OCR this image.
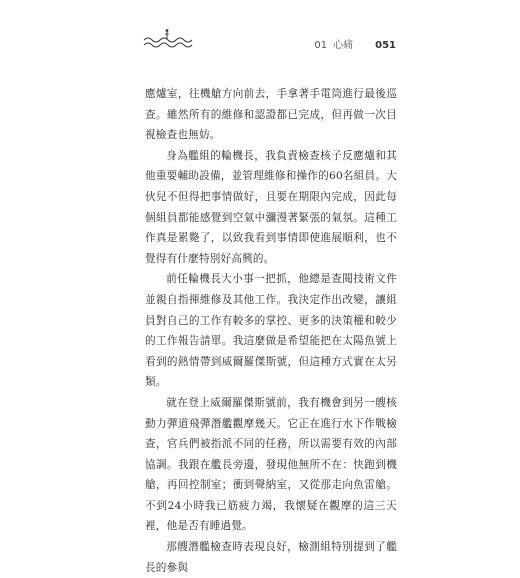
01 心痛 051

應爐室，往機艙方向前去，手拿著手電筒進行最後巡查。雖然所有的維修和認證都已完成，但再做一次目視檢查也無妨。

身為艦組的輪機長，我負責檢查核子反應爐和其他重要輔助設備，並管理維修和操作的60名組員。大伙兒不但得把事情做好，且要在期限內完成，因此每個組員都能感覺到空氣中瀰漫著緊張的氣氛。這種工作真是累斃了，以致我看到事情即使進展順利，也不覺得有什麼特別好高興的。

前任輪機長大小事一把抓，他總是查閱技術文件並親自指揮維修及其他工作。我決定作出改變，讓組員對自己的工作有較多的掌控、更多的決策權和較少的工作報告請單。我這麼做是希望能把在太陽魚號上看到的熱情帶到威爾羅傑斯號，但這種方式實在太另類。

就在登上威爾羅傑斯號前，我有機會到另一艘核動力彈道飛彈潛艦觀摩幾天。它正在進行水下作戰檢查，官兵們被指派不同的任務，所以需要有效的內部協調。我跟在艦長旁邊，發現他無所不在：快跑到機艙，再回控制室；衝到聲納室，又從那走向魚雷艙。不到24小時我已筋疲力竭，我懷疑在觀摩的這三天裡，他是否有睡過覺。

那艘潛艦檢查時表現良好，檢測組特別提到了艦長的參與
